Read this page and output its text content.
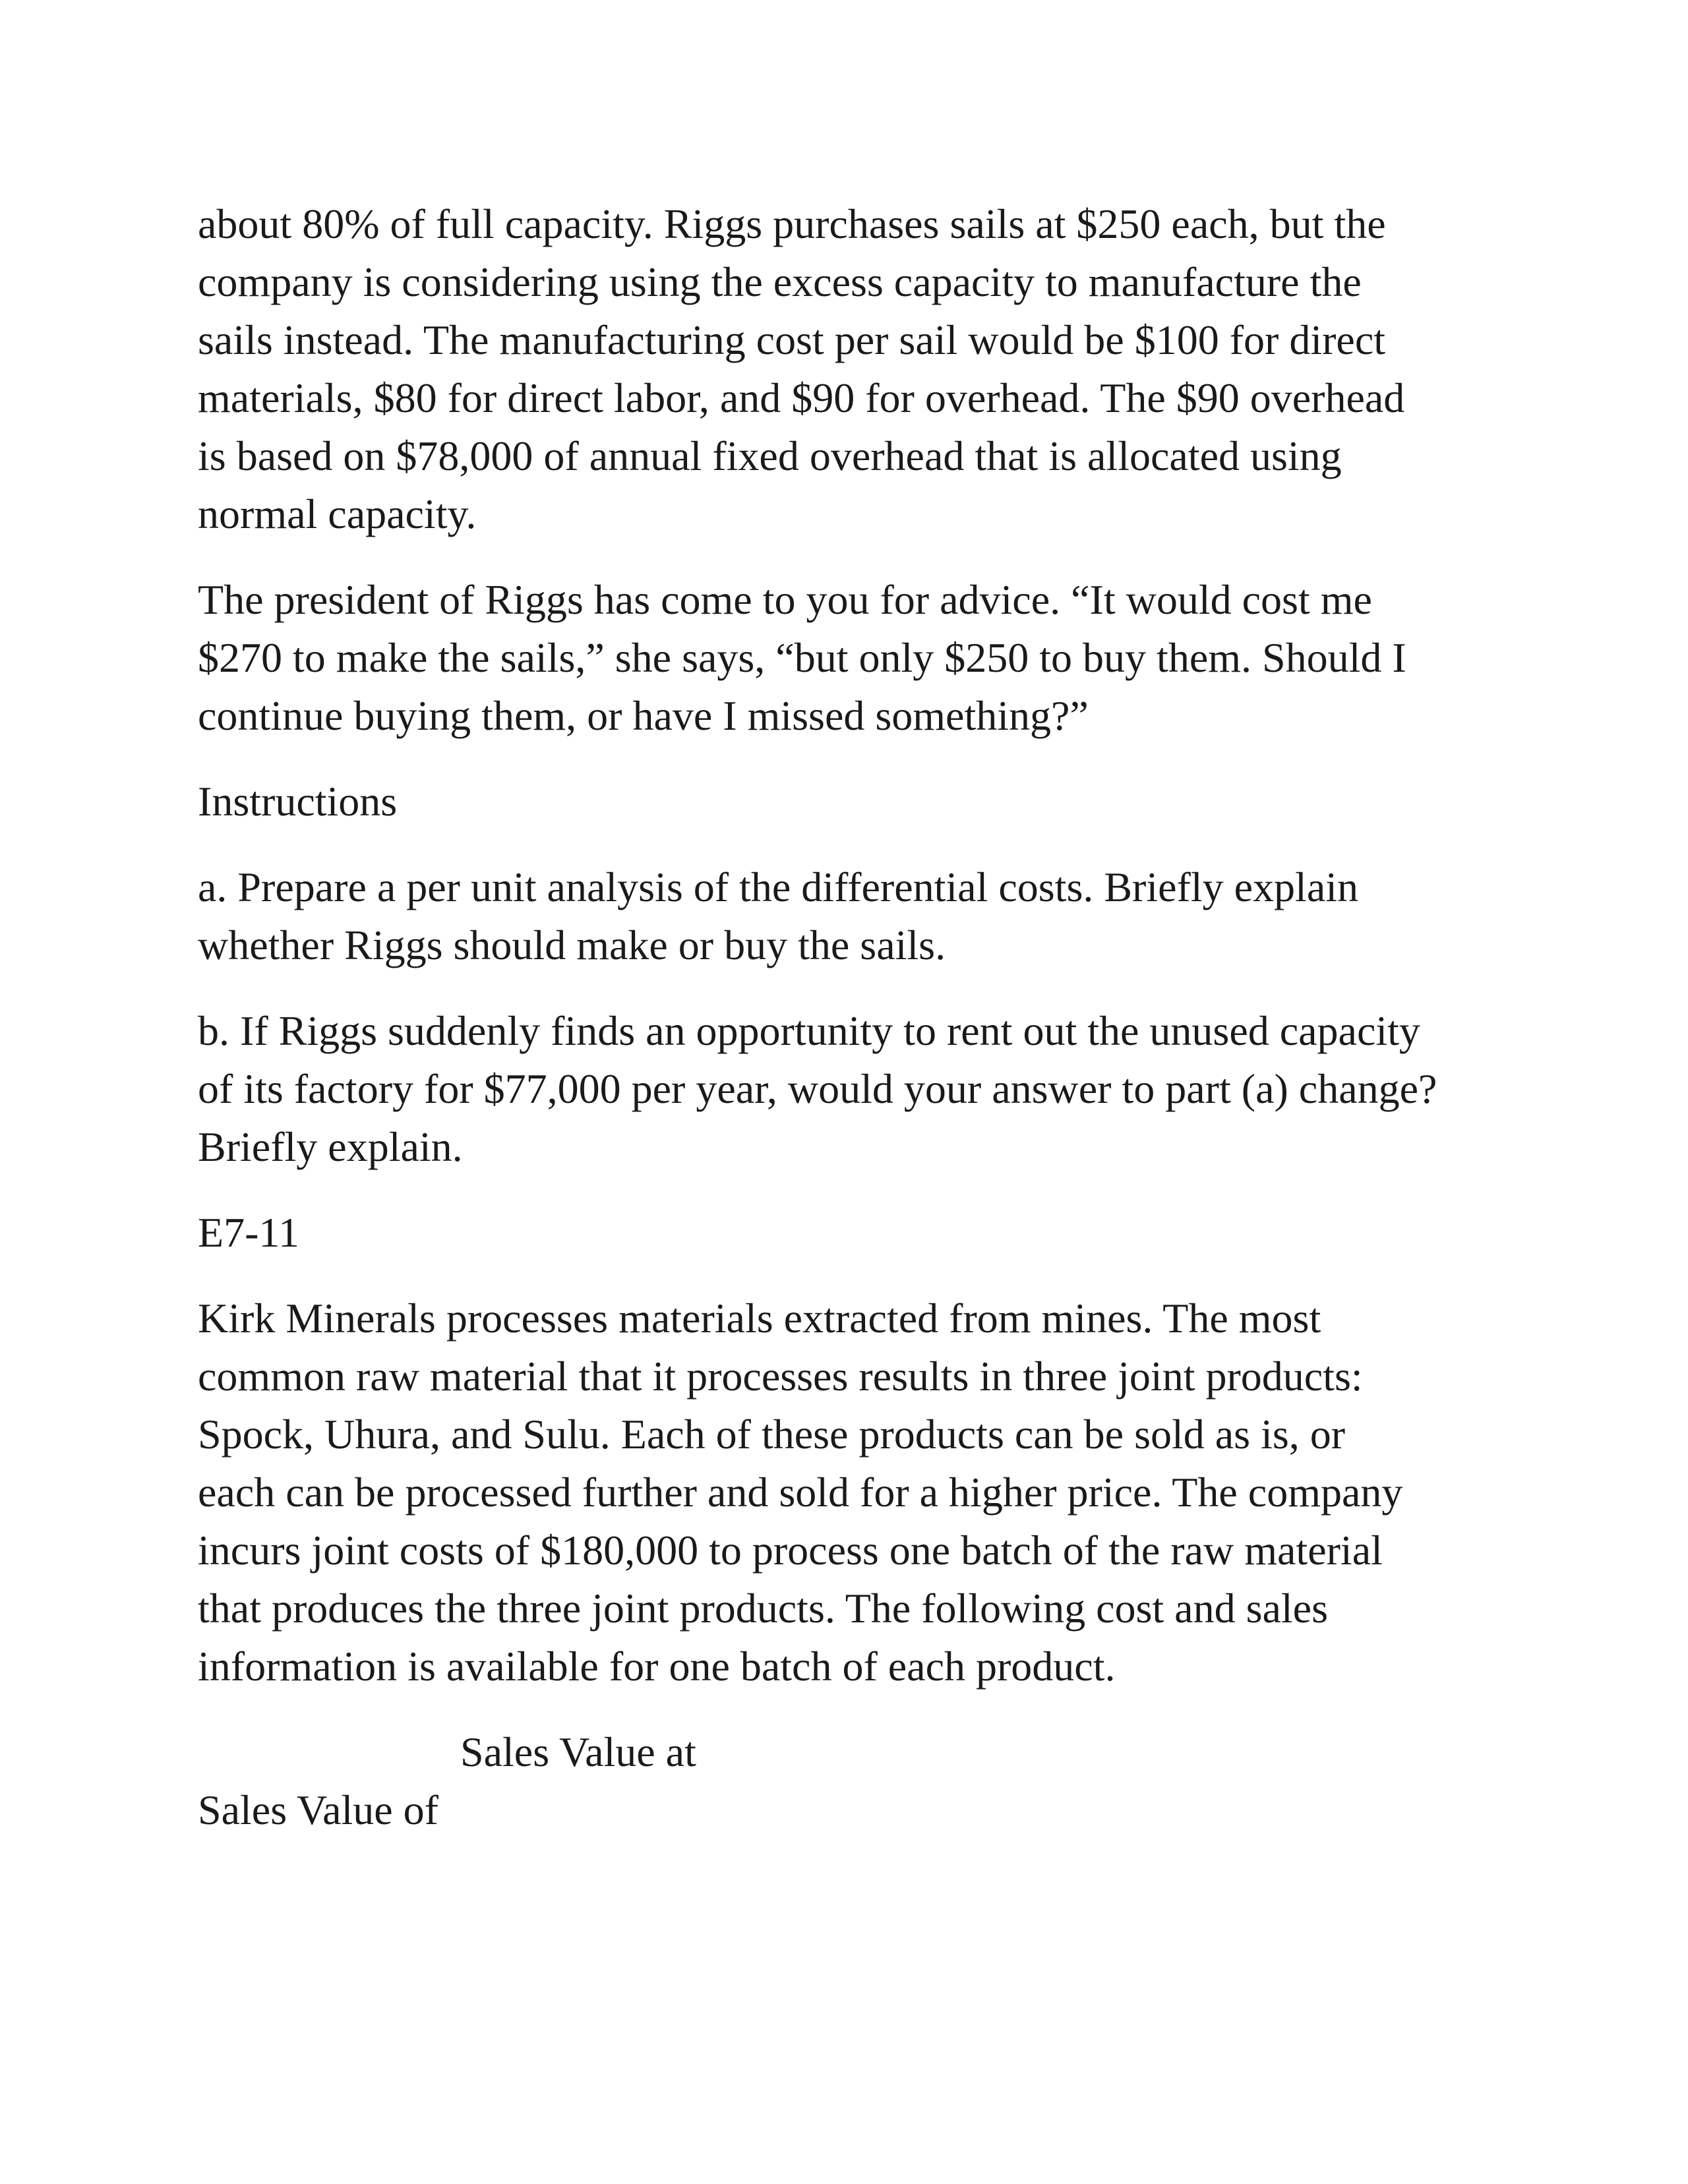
about 80% of full capacity. Riggs purchases sails at $250 each, but the
company is considering using the excess capacity to manufacture the
sails instead. The manufacturing cost per sail would be $100 for direct
materials, $80 for direct labor, and $90 for overhead. The $90 overhead
is based on $78,000 of annual fixed overhead that is allocated using
normal capacity.

The president of Riggs has come to you for advice. “It would cost me
$270 to make the sails,” she says, “but only $250 to buy them. Should I
continue buying them, or have I missed something?”

Instructions

a. Prepare a per unit analysis of the differential costs. Briefly explain
whether Riggs should make or buy the sails.

b. If Riggs suddenly finds an opportunity to rent out the unused capacity
of its factory for $77,000 per year, would your answer to part (a) change?
Briefly explain.

E7-11

Kirk Minerals processes materials extracted from mines. The most
common raw material that it processes results in three joint products:
Spock, Uhura, and Sulu. Each of these products can be sold as is, or
each can be processed further and sold for a higher price. The company
incurs joint costs of $180,000 to process one batch of the raw material
that produces the three joint products. The following cost and sales
information is available for one batch of each product.

Sales Value at

Sales Value of
